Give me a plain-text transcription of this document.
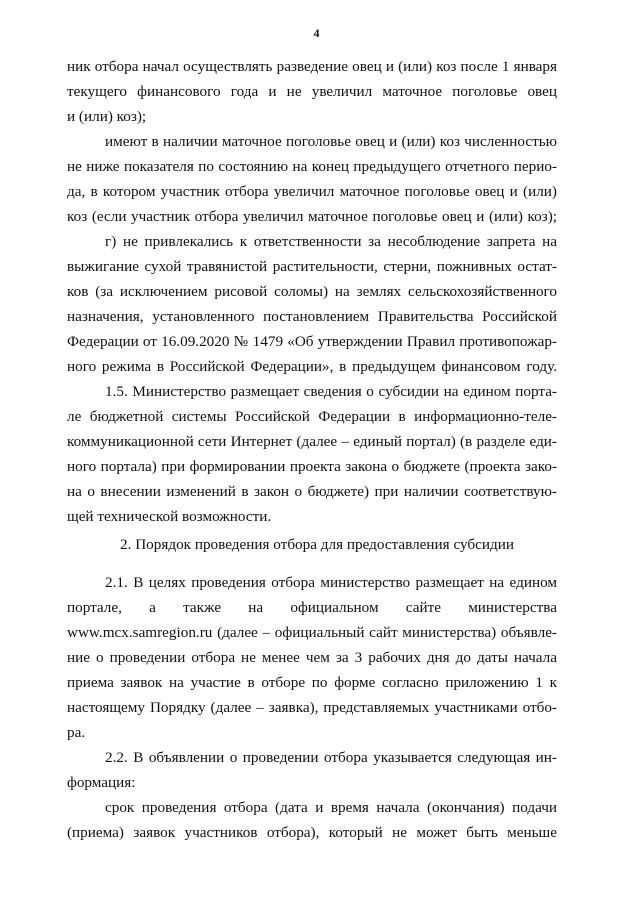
4
ник отбора начал осуществлять разведение овец и (или) коз после 1 января
текущего финансового года и не увеличил маточное поголовье овец
и (или) коз);
имеют в наличии маточное поголовье овец и (или) коз численностью
не ниже показателя по состоянию на конец предыдущего отчетного перио-
да, в котором участник отбора увеличил маточное поголовье овец и (или)
коз (если участник отбора увеличил маточное поголовье овец и (или) коз);
г) не привлекались к ответственности за несоблюдение запрета на
выжигание сухой травянистой растительности, стерни, пожнивных остат-
ков (за исключением рисовой соломы) на землях сельскохозяйственного
назначения, установленного постановлением Правительства Российской
Федерации от 16.09.2020 № 1479 «Об утверждении Правил противопожар-
ного режима в Российской Федерации», в предыдущем финансовом году.
1.5. Министерство размещает сведения о субсидии на едином порта-
ле бюджетной системы Российской Федерации в информационно-теле-
коммуникационной сети Интернет (далее – единый портал) (в разделе еди-
ного портала) при формировании проекта закона о бюджете (проекта зако-
на о внесении изменений в закон о бюджете) при наличии соответствую-
щей технической возможности.
2. Порядок проведения отбора для предоставления субсидии
2.1. В целях проведения отбора министерство размещает на едином
портале, а также на официальном сайте министерства
www.mcx.samregion.ru (далее – официальный сайт министерства) объявле-
ние о проведении отбора не менее чем за 3 рабочих дня до даты начала
приема заявок на участие в отборе по форме согласно приложению 1 к
настоящему Порядку (далее – заявка), представляемых участниками отбо-
ра.
2.2. В объявлении о проведении отбора указывается следующая ин-
формация:
срок проведения отбора (дата и время начала (окончания) подачи
(приема) заявок участников отбора), который не может быть меньше
